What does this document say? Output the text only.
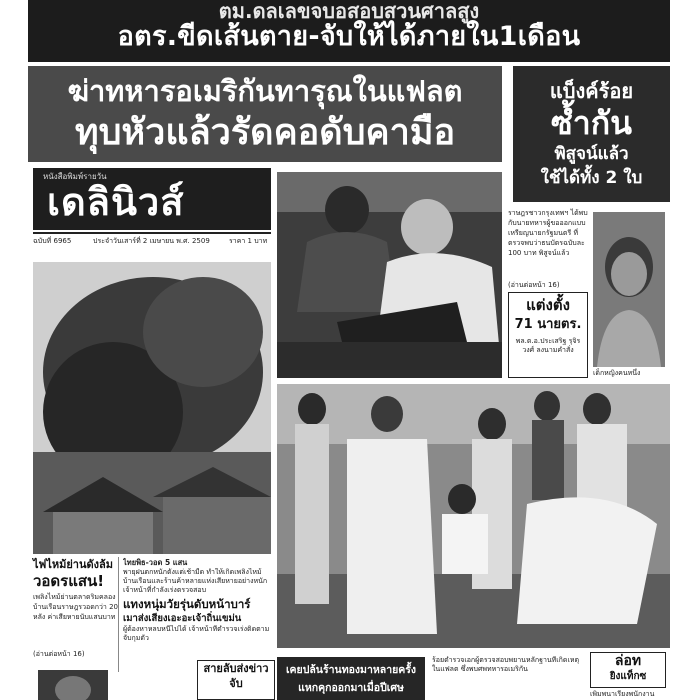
ตม.ดลเลขจบอสอบสวนศาลสูง
อตร.ขีดเส้นตาย-จับให้ได้ภายใน1เดือน
ฆ่าทหารอเมริกันทารุณในแฟลต
ทุบหัวแล้วรัดคอดับคามือ
แบ็งค์ร้อย
ซ้ำกัน
พิสูจน์แล้ว
ใช้ได้ทั้ง 2 ใบ
หนังสือพิมพ์รายวัน
เดลินิวส์
ฉบับที่ 6965	ประจำวันเสาร์ที่ 2 เมษายน พ.ศ. 2509	ราคา 1 บาท
ราษฎรชาวกรุงเทพฯ ได้พบกับนายทหารผู้ขอออกแบบเหรียญนายกรัฐมนตรี ที่ตรวจพบว่าธนบัตรฉบับละ 100 บาท พิสูจน์แล้ว
(อ่านต่อหน้า 16)
เด็กหญิงคนหนึ่ง
แต่งตั้ง
71 นายตร.
พล.ต.อ.ประเสริฐ รุจิรวงศ์ ลงนามคำสั่ง
ไฟไหม้ย่านดังล้ม
วอดรแสน!
เพลิงไหม้ย่านตลาดริมคลอง บ้านเรือนราษฎรวอดกว่า 20 หลัง ค่าเสียหายนับแสนบาท
(อ่านต่อหน้า 16)
ไทยพิธ-วอด 5 แสน
พายุฝนตกหนักตั้งแต่เช้ามืด ทำให้เกิดเพลิงไหม้บ้านเรือนและร้านค้าหลายแห่งเสียหายอย่างหนัก เจ้าหน้าที่กำลังเร่งตรวจสอบ
แทงหนุ่มวัยรุ่นดับหน้าบาร์
เมาส่งเสียงเอะอะเจ้าถิ่นเขม่น
ผู้ต้องหาหลบหนีไปได้ เจ้าหน้าที่ตำรวจเร่งติดตามจับกุมตัว
สายลับส่งข่าว
จับ
เคยปล้นร้านทองมาหลายครั้ง
แหกคุกออกมาเมื่อปีเศษ
ร้อยตำรวจเอกผู้ตรวจสอบพยานหลักฐานที่เกิดเหตุในแฟลต ซึ่งพบศพทหารอเมริกัน	ล่อท
ยิงแท็กซ
เพิ่มพนาเรียงพนักงาน
